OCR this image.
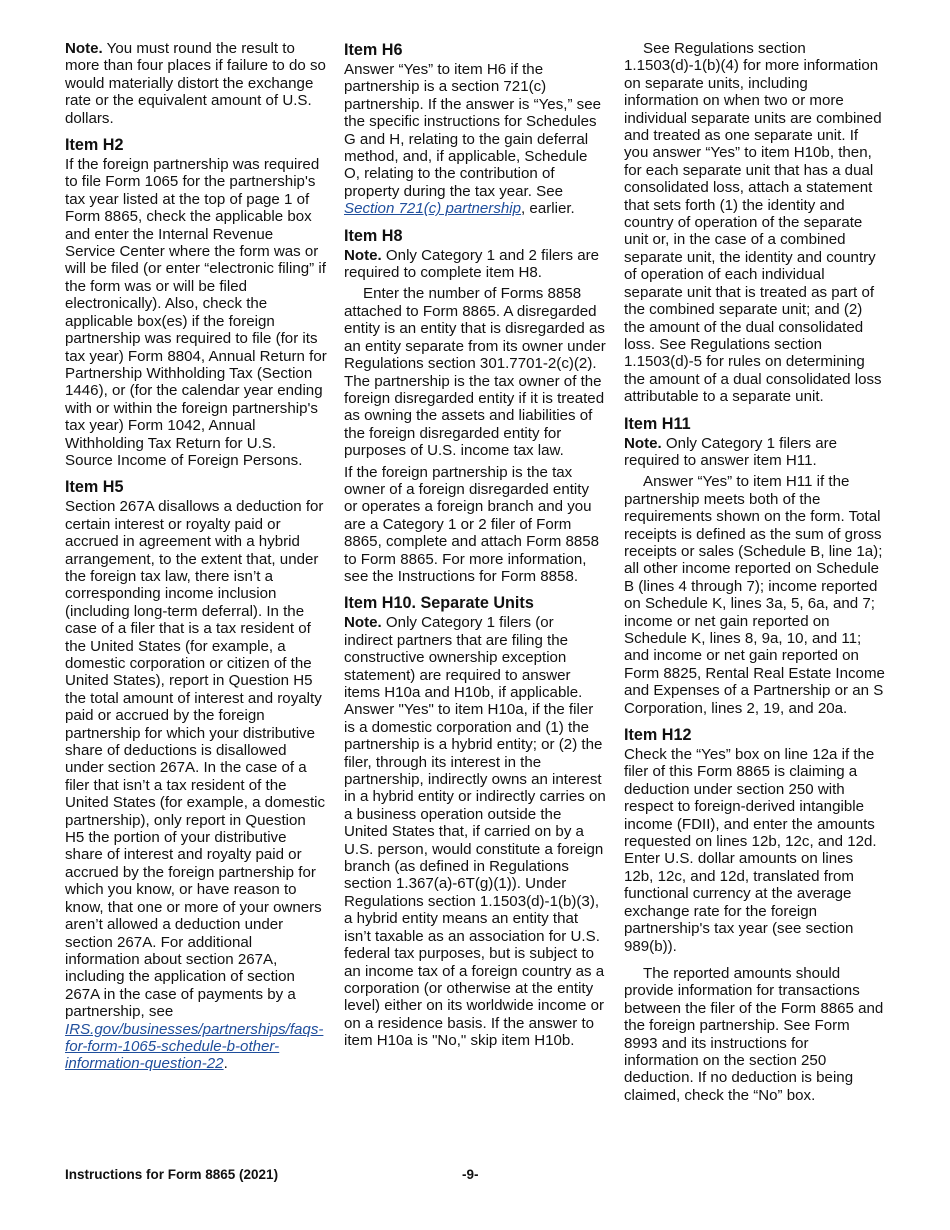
Note. You must round the result to more than four places if failure to do so would materially distort the exchange rate or the equivalent amount of U.S. dollars.

Item H2

If the foreign partnership was required to file Form 1065 for the partnership's tax year listed at the top of page 1 of Form 8865, check the applicable box and enter the Internal Revenue Service Center where the form was or will be filed (or enter “electronic filing” if the form was or will be filed electronically). Also, check the applicable box(es) if the foreign partnership was required to file (for its tax year) Form 8804, Annual Return for Partnership Withholding Tax (Section 1446), or (for the calendar year ending with or within the foreign partnership's tax year) Form 1042, Annual Withholding Tax Return for U.S. Source Income of Foreign Persons.

Item H5

Section 267A disallows a deduction for certain interest or royalty paid or accrued in agreement with a hybrid arrangement, to the extent that, under the foreign tax law, there isn’t a corresponding income inclusion (including long-term deferral). In the case of a filer that is a tax resident of the United States (for example, a domestic corporation or citizen of the United States), report in Question H5 the total amount of interest and royalty paid or accrued by the foreign partnership for which your distributive share of deductions is disallowed under section 267A. In the case of a filer that isn’t a tax resident of the United States (for example, a domestic partnership), only report in Question H5 the portion of your distributive share of interest and royalty paid or accrued by the foreign partnership for which you know, or have reason to know, that one or more of your owners aren’t allowed a deduction under section 267A. For additional information about section 267A, including the application of section 267A in the case of payments by a partnership, see IRS.gov/businesses/partnerships/faqs-for-form-1065-schedule-b-other-information-question-22.

Item H6

Answer “Yes” to item H6 if the partnership is a section 721(c) partnership. If the answer is “Yes,” see the specific instructions for Schedules G and H, relating to the gain deferral method, and, if applicable, Schedule O, relating to the contribution of property during the tax year. See Section 721(c) partnership, earlier.

Item H8

Note. Only Category 1 and 2 filers are required to complete item H8.

Enter the number of Forms 8858 attached to Form 8865. A disregarded entity is an entity that is disregarded as an entity separate from its owner under Regulations section 301.7701-2(c)(2). The partnership is the tax owner of the foreign disregarded entity if it is treated as owning the assets and liabilities of the foreign disregarded entity for purposes of U.S. income tax law.

If the foreign partnership is the tax owner of a foreign disregarded entity or operates a foreign branch and you are a Category 1 or 2 filer of Form 8865, complete and attach Form 8858 to Form 8865. For more information, see the Instructions for Form 8858.

Item H10. Separate Units

Note. Only Category 1 filers (or indirect partners that are filing the constructive ownership exception statement) are required to answer items H10a and H10b, if applicable. Answer "Yes" to item H10a, if the filer is a domestic corporation and (1) the partnership is a hybrid entity; or (2) the filer, through its interest in the partnership, indirectly owns an interest in a hybrid entity or indirectly carries on a business operation outside the United States that, if carried on by a U.S. person, would constitute a foreign branch (as defined in Regulations section 1.367(a)-6T(g)(1)). Under Regulations section 1.1503(d)-1(b)(3), a hybrid entity means an entity that isn’t taxable as an association for U.S. federal tax purposes, but is subject to an income tax of a foreign country as a corporation (or otherwise at the entity level) either on its worldwide income or on a residence basis. If the answer to item H10a is "No," skip item H10b.

See Regulations section 1.1503(d)-1(b)(4) for more information on separate units, including information on when two or more individual separate units are combined and treated as one separate unit. If you answer “Yes” to item H10b, then, for each separate unit that has a dual consolidated loss, attach a statement that sets forth (1) the identity and country of operation of the separate unit or, in the case of a combined separate unit, the identity and country of operation of each individual separate unit that is treated as part of the combined separate unit; and (2) the amount of the dual consolidated loss. See Regulations section 1.1503(d)-5 for rules on determining the amount of a dual consolidated loss attributable to a separate unit.

Item H11

Note. Only Category 1 filers are required to answer item H11.

Answer “Yes” to item H11 if the partnership meets both of the requirements shown on the form. Total receipts is defined as the sum of gross receipts or sales (Schedule B, line 1a); all other income reported on Schedule B (lines 4 through 7); income reported on Schedule K, lines 3a, 5, 6a, and 7; income or net gain reported on Schedule K, lines 8, 9a, 10, and 11; and income or net gain reported on Form 8825, Rental Real Estate Income and Expenses of a Partnership or an S Corporation, lines 2, 19, and 20a.

Item H12

Check the “Yes” box on line 12a if the filer of this Form 8865 is claiming a deduction under section 250 with respect to foreign-derived intangible income (FDII), and enter the amounts requested on lines 12b, 12c, and 12d. Enter U.S. dollar amounts on lines 12b, 12c, and 12d, translated from functional currency at the average exchange rate for the foreign partnership's tax year (see section 989(b)).

The reported amounts should provide information for transactions between the filer of the Form 8865 and the foreign partnership. See Form 8993 and its instructions for information on the section 250 deduction. If no deduction is being claimed, check the “No” box.

Instructions for Form 8865 (2021)	-9-
